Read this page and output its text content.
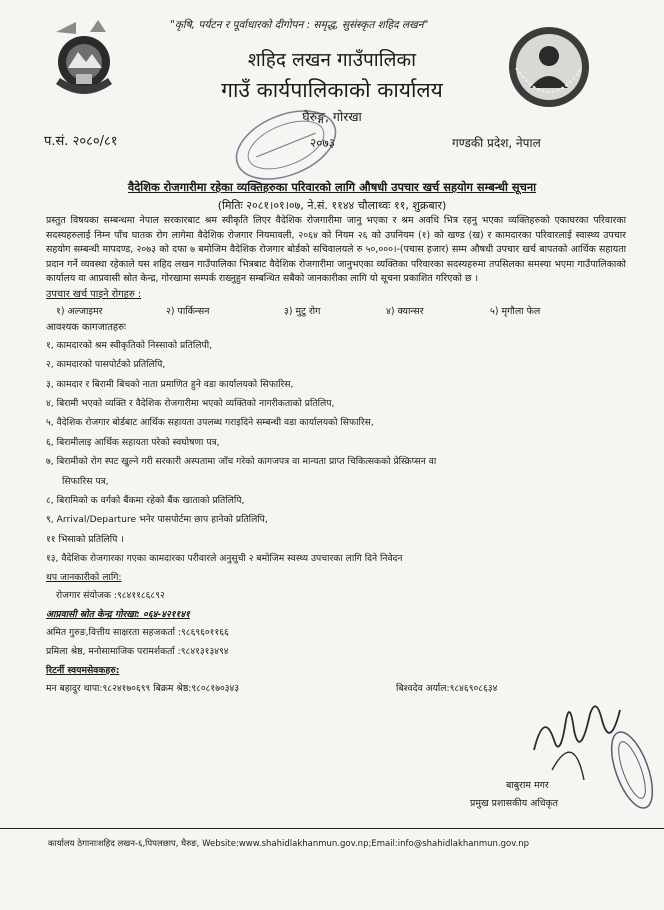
"कृषि, पर्यटन र पूर्वाधारको दीगोपन : समृद्ध, सुसंस्कृत शहिद लखन"
शहिद लखन गाउँपालिका
गाउँ कार्यपालिकाको कार्यालय
घैरुङ्ग, गोरखा
प.सं. २०८०/८१	२०७३	गण्डकी प्रदेश, नेपाल
वैदेशिक रोजगारीमा रहेका व्यक्तिहरुका परिवारको लागि औषधी उपचार खर्च सहयोग सम्बन्धी सूचना
(मितिः २०८१।०१।०७, ने.सं. ११४४ चौलाथ्वः ११, शुक्रबार)
प्रस्तुत विषयका सम्बन्धमा नेपाल सरकारबाट श्रम स्वीकृति लिएर वैदेशिक रोजगारीमा जानु भएका र श्रम अवधि भित्र रहनु भएका व्यक्तिहरुको एकाघरका परिवारका सदस्यहरुलाई निम्न पाँच घातक रोग लागेमा वैदेशिक रोजगार नियमावली, २०६४ को नियम २६ को उपनियम (१) को खण्ड (ख) र कामदारका परिवारलाई स्वास्थ्य उपचार सहयोग सम्बन्धी मापदण्ड, २०७३ को दफा ७ बमोजिम वैदेशिक रोजगार बोर्डको सचिवालयले रु ५०,०००।-(पचास हजार) सम्म औषधी उपचार खर्च बापतको आर्थिक सहायता प्रदान गर्ने व्यवस्था रहेकाले यस शहिद लखन गाउँपालिका भित्रबाट वैदेशिक रोजगारीमा जानुभएका व्यक्तिका परिवारका सदस्यहरुमा तपसिलका समस्या भएमा गाउँपालिकाको कार्यालय वा आप्रवासी स्रोत केन्द्र, गोरखामा सम्पर्क राख्नुहुन सम्बन्धित सबैको जानकारीका लागि यो सूचना प्रकाशित गरिएको छ ।
उपचार खर्च पाइने रोगहरु :
१) अल्जाइमर	२) पार्किन्सन	३) मुटु रोग	४) क्यान्सर	५) मृगौला फेल
आवश्यक कागजातहरुः
१, कामदारको श्रम स्वीकृतिको निस्साको प्रतिलिपी,
२, कामदारको पासपोर्टको प्रतिलिपि,
३, कामदार र बिरामी बिचको नाता प्रमाणित हुने वडा कार्यालयको सिफारिस,
४, बिरामी भएको व्यक्ति र वैदेशिक रोजगारीमा भएको व्यक्तिको नागरीकताको प्रतिलिप,
५, वैदेशिक रोजगार बोर्डबाट आर्थिक सहायता उपलब्ध गराइदिने सम्बन्धी वडा कार्यालयको सिफारिस,
६, बिरामीलाइ आर्थिक सहायता परेको स्वघोषणा पत्र,
७, बिरामीको रोग स्पट खुल्ने गरी सरकारी अस्पतामा जाँच गरेको कागजपत्र वा मान्यता प्राप्त चिकित्सकको प्रेस्क्रिप्सन वा
सिफारिस पत्र,
८, बिरामिको क वर्गको बैंकमा रहेको बैंक खाताको प्रतिलिपि,
९, Arrival/Departure भनेर पासपोर्टमा छाप हानेको प्रतिलिपि,
११ भिसाको प्रतिलिपि ।
१३, वैदेशिक रोजगारका गएका कामदारका परीवारले अनुसुची २ बमोजिम स्वस्थ्य उपचारका लागि दिने निवेदन
थप जानकारीको लागि:
रोजगार संयोजक :९८४११८६८९२
आप्रवासी स्रोत केन्द्र गोरखा: ०६४-४२११४१
अमित गुरुङ,वित्तीय साक्षरता सहजकर्ता :९८६९६०११६६
प्रमिला श्रेष्ठ, मनोसामाजिक परामर्शकर्ता :९८४१३१३४९४
रिटर्नी स्वयमसेवकहरु:
मन बहादुर थापा:९८२४१७०६९९ बिक्रम श्रेष्ठ:९८०८१७०३४३	बिश्वदेव अर्याल:९८४६९०८६३४
बाबुराम मगर
प्रमुख प्रशासकीय अधिकृत
कार्यालय ठेगानाःशहिद लखन-६,पिपलछाप, घैरुङ, Website:www.shahidlakhanmun.gov.np;Email:info@shahidlakhanmun.gov.np
